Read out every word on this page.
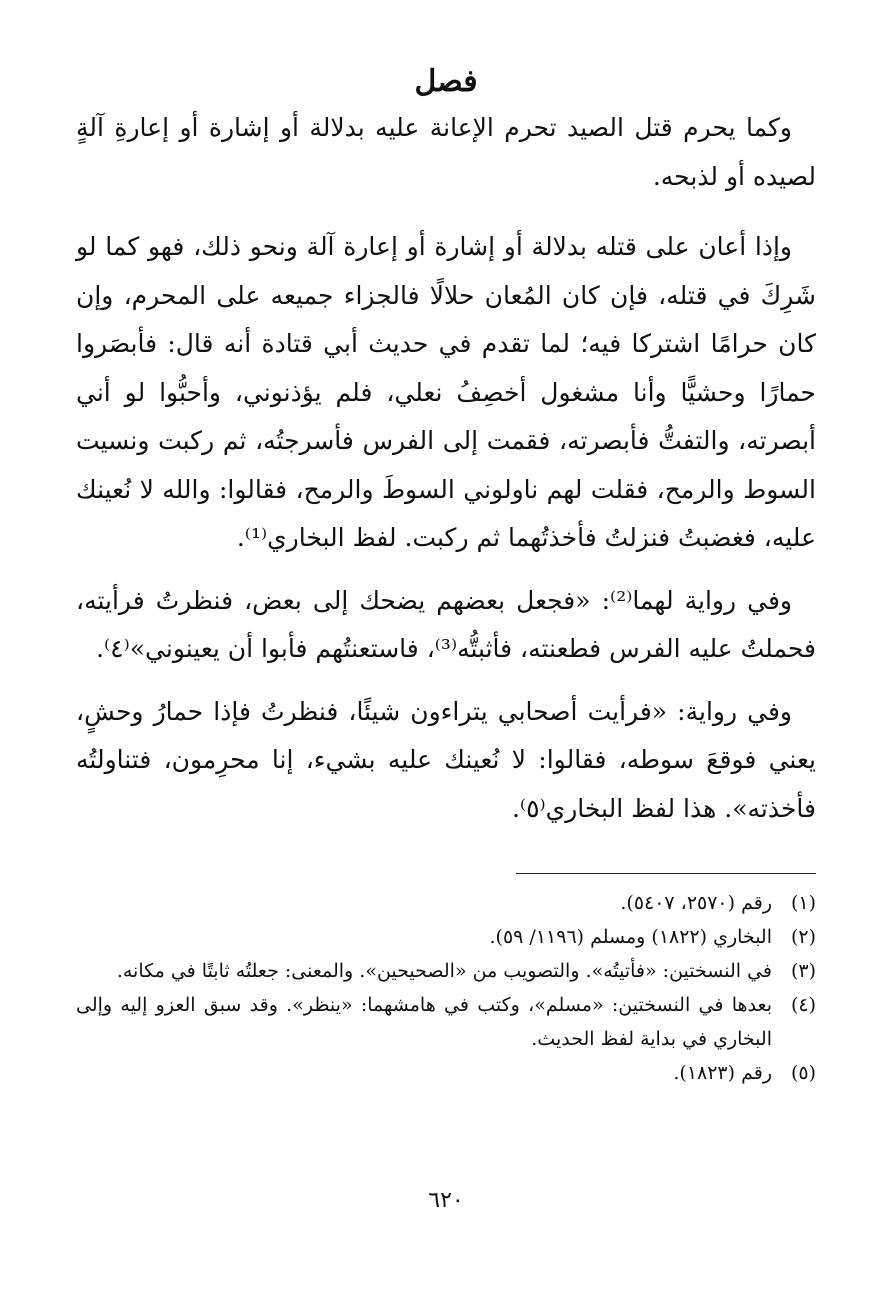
فصل

وكما يحرم قتل الصيد تحرم الإعانة عليه بدلالة أو إشارة أو إعارةِ آلةٍ لصيده أو لذبحه.

وإذا أعان على قتله بدلالة أو إشارة أو إعارة آلة ونحو ذلك، فهو كما لو شَرِكَ في قتله، فإن كان المُعان حلالًا فالجزاء جميعه على المحرم، وإن كان حرامًا اشتركا فيه؛ لما تقدم في حديث أبي قتادة أنه قال: فأبصَروا حمارًا وحشيًّا وأنا مشغول أخصِفُ نعلي، فلم يؤذنوني، وأحبُّوا لو أني أبصرته، والتفتُّ فأبصرته، فقمت إلى الفرس فأسرجتُه، ثم ركبت ونسيت السوط والرمح، فقلت لهم ناولوني السوطَ والرمح، فقالوا: والله لا نُعينك عليه، فغضبتُ فنزلتُ فأخذتُهما ثم ركبت. لفظ البخاري⁽¹⁾.

وفي رواية لهما⁽²⁾: «فجعل بعضهم يضحك إلى بعض، فنظرتُ فرأيته، فحملتُ عليه الفرس فطعنته، فأثبتُّه⁽³⁾، فاستعنتُهم فأبوا أن يعينوني»⁽٤⁾.

وفي رواية: «فرأيت أصحابي يتراءون شيئًا، فنظرتُ فإذا حمارُ وحشٍ، يعني فوقعَ سوطه، فقالوا: لا نُعينك عليه بشيء، إنا محرِمون، فتناولتُه فأخذته». هذا لفظ البخاري⁽٥⁾.

(١)
رقم (٢٥٧٠، ٥٤٠٧).
(٢)
البخاري (١٨٢٢) ومسلم (١١٩٦/ ٥٩).
(٣)
في النسختين: «فأتيتُه». والتصويب من «الصحيحين». والمعنى: جعلتُه ثابتًا في مكانه.
(٤)
بعدها في النسختين: «مسلم»، وكتب في هامشهما: «ينظر». وقد سبق العزو إليه وإلى البخاري في بداية لفظ الحديث.
(٥)
رقم (١٨٢٣).
٦٢٠
